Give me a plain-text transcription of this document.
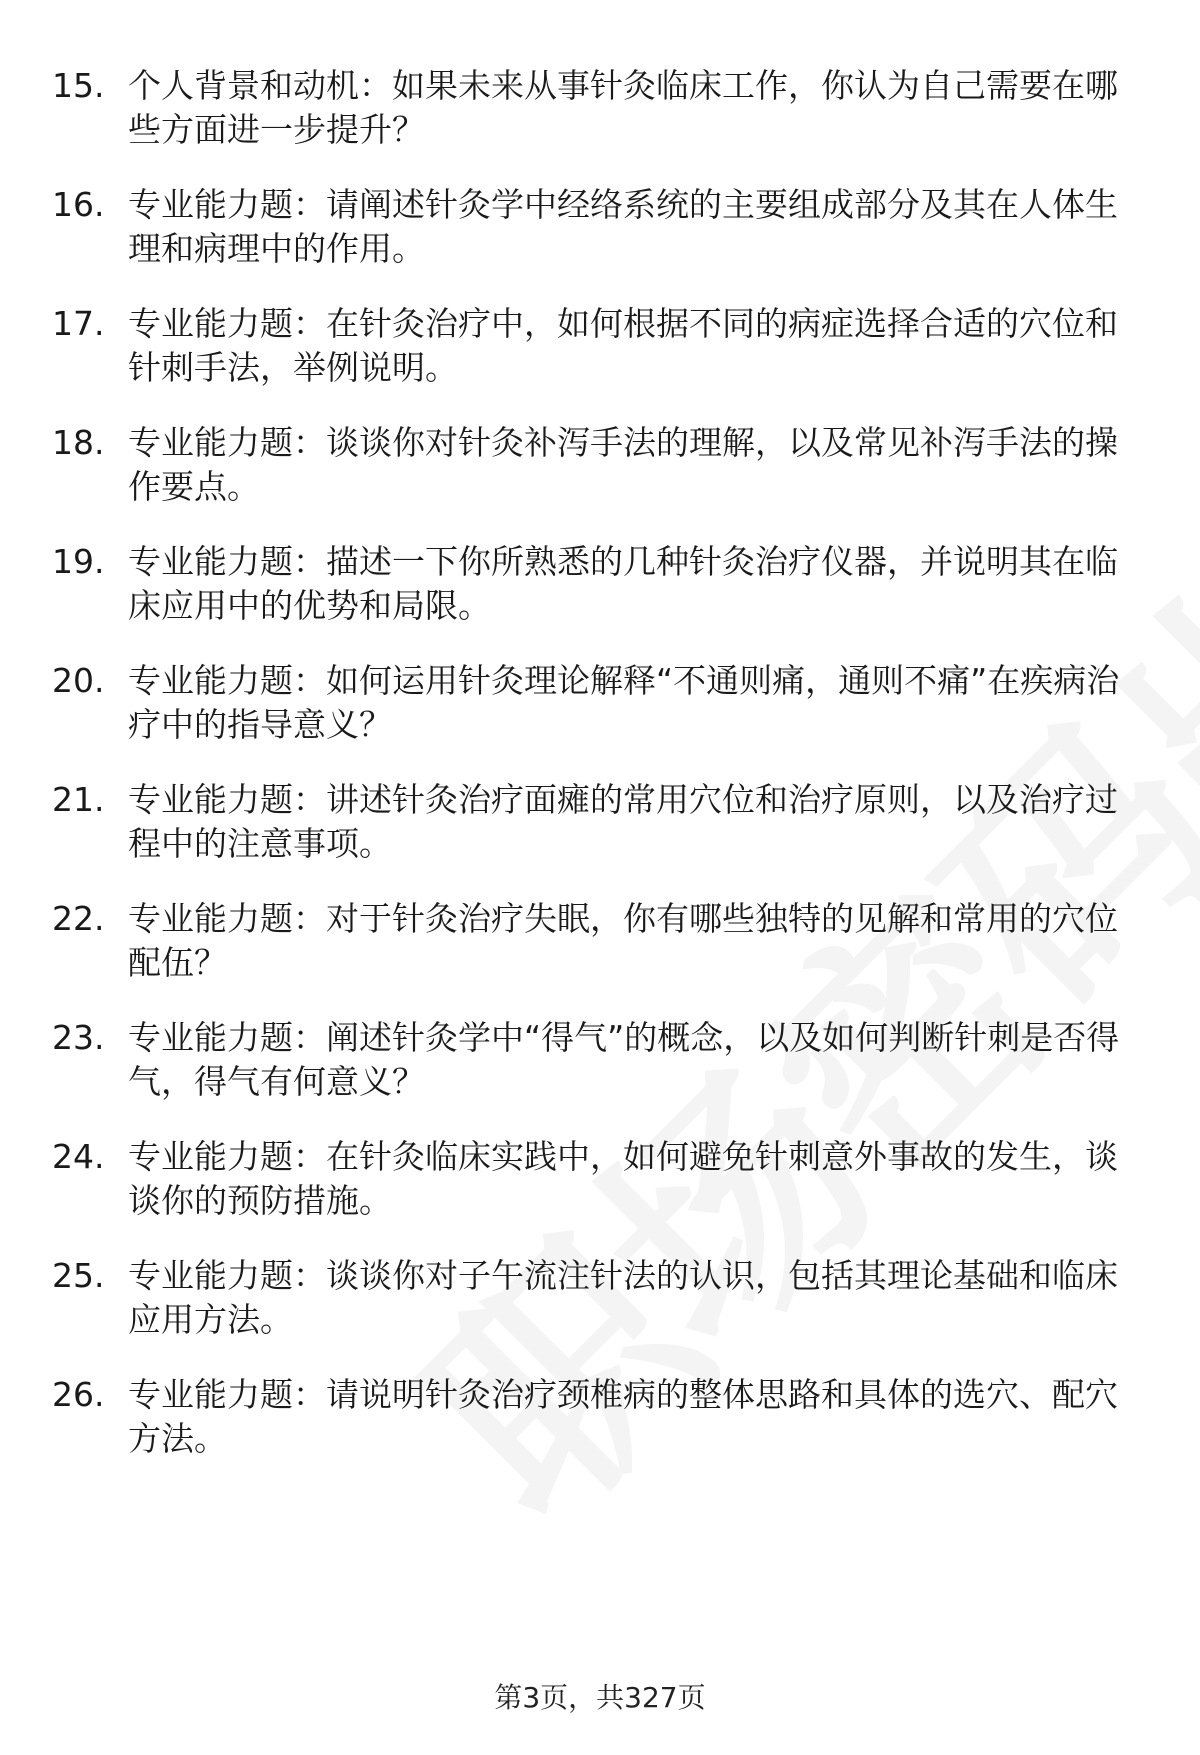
15. 个人背景和动机：如果未来从事针灸临床工作，你认为自己需要在哪些方面进一步提升？

16. 专业能力题：请阐述针灸学中经络系统的主要组成部分及其在人体生理和病理中的作用。

17. 专业能力题：在针灸治疗中，如何根据不同的病症选择合适的穴位和针刺手法，举例说明。

18. 专业能力题：谈谈你对针灸补泻手法的理解，以及常见补泻手法的操作要点。

19. 专业能力题：描述一下你所熟悉的几种针灸治疗仪器，并说明其在临床应用中的优势和局限。

20. 专业能力题：如何运用针灸理论解释“不通则痛，通则不痛”在疾病治疗中的指导意义？

21. 专业能力题：讲述针灸治疗面瘫的常用穴位和治疗原则，以及治疗过程中的注意事项。

22. 专业能力题：对于针灸治疗失眠，你有哪些独特的见解和常用的穴位配伍？

23. 专业能力题：阐述针灸学中“得气”的概念，以及如何判断针刺是否得气，得气有何意义？

24. 专业能力题：在针灸临床实践中，如何避免针刺意外事故的发生，谈谈你的预防措施。

25. 专业能力题：谈谈你对子午流注针法的认识，包括其理论基础和临床应用方法。

26. 专业能力题：请说明针灸治疗颈椎病的整体思路和具体的选穴、配穴方法。

第3页，共327页
